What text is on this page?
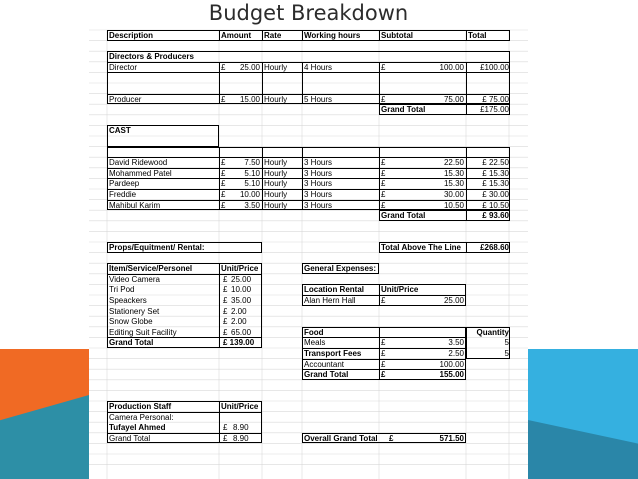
Budget Breakdown
Description	Amount Rate	Working hours	Subtotal	Total
Directors & Producers
Director	£	25.00 Hourly 4 Hours	£	100.00	£100.00
Producer	£	15.00 Hourly 5 Hours	£	75.00	£ 75.00
Grand Total	£175.00
CAST
David Ridewood	£	7.50 Hourly 3 Hours	£	22.50	£ 22.50
Mohammed Patel	£	5.10 Hourly 3 Hours	£	15.30	£ 15.30
Pardeep	£	5.10 Hourly 3 Hours	£	15.30	£ 15.30
Freddie	£	10.00 Hourly 3 Hours	£	30.00	£ 30.00
Mahibul Karim	£	3.50 Hourly 3 Hours	£	10.50	£ 10.50
Grand Total	£ 93.60
Props/Equitment/ Rental:	Total Above The Line	£268.60
Item/Service/Personel	Unit/Price
Video Camera	£ 25.00
Tri Pod	£ 10.00
Speackers	£ 35.00
Stationery Set	£ 2.00
Snow Globe	£ 2.00
Editing Suit Facility	£ 65.00
Grand Total	£ 139.00
General Expenses:
Location Rental Unit/Price
Alan Hern Hall	£	25.00
Food	Quantity
Meals	£	3.50	5
Transport Fees £	2.50	5
Accountant	£	100.00
Grand Total	£	155.00
Production Staff	Unit/Price
Camera Personal:
Tufayel Ahmed	£ 8.90
Grand Total	£ 8.90	Overall Grand Total £	571.50
